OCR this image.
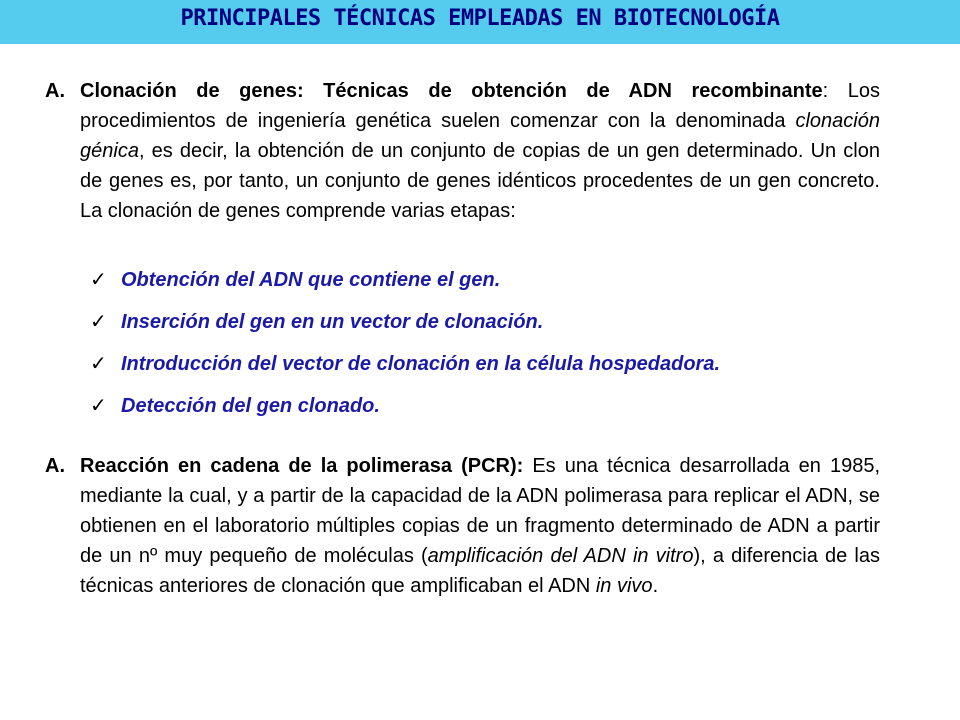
PRINCIPALES TÉCNICAS EMPLEADAS EN BIOTECNOLOGÍA
A. Clonación de genes: Técnicas de obtención de ADN recombinante: Los procedimientos de ingeniería genética suelen comenzar con la denominada clonación génica, es decir, la obtención de un conjunto de copias de un gen determinado. Un clon de genes es, por tanto, un conjunto de genes idénticos procedentes de un gen concreto. La clonación de genes comprende varias etapas:
✓ Obtención del ADN que contiene el gen.
✓ Inserción del gen en un vector de clonación.
✓ Introducción del vector de clonación en la célula hospedadora.
✓ Detección del gen clonado.
A. Reacción en cadena de la polimerasa (PCR): Es una técnica desarrollada en 1985, mediante la cual, y a partir de la capacidad de la ADN polimerasa para replicar el ADN, se obtienen en el laboratorio múltiples copias de un fragmento determinado de ADN a partir de un nº muy pequeño de moléculas (amplificación del ADN in vitro), a diferencia de las técnicas anteriores de clonación que amplificaban el ADN in vivo.
